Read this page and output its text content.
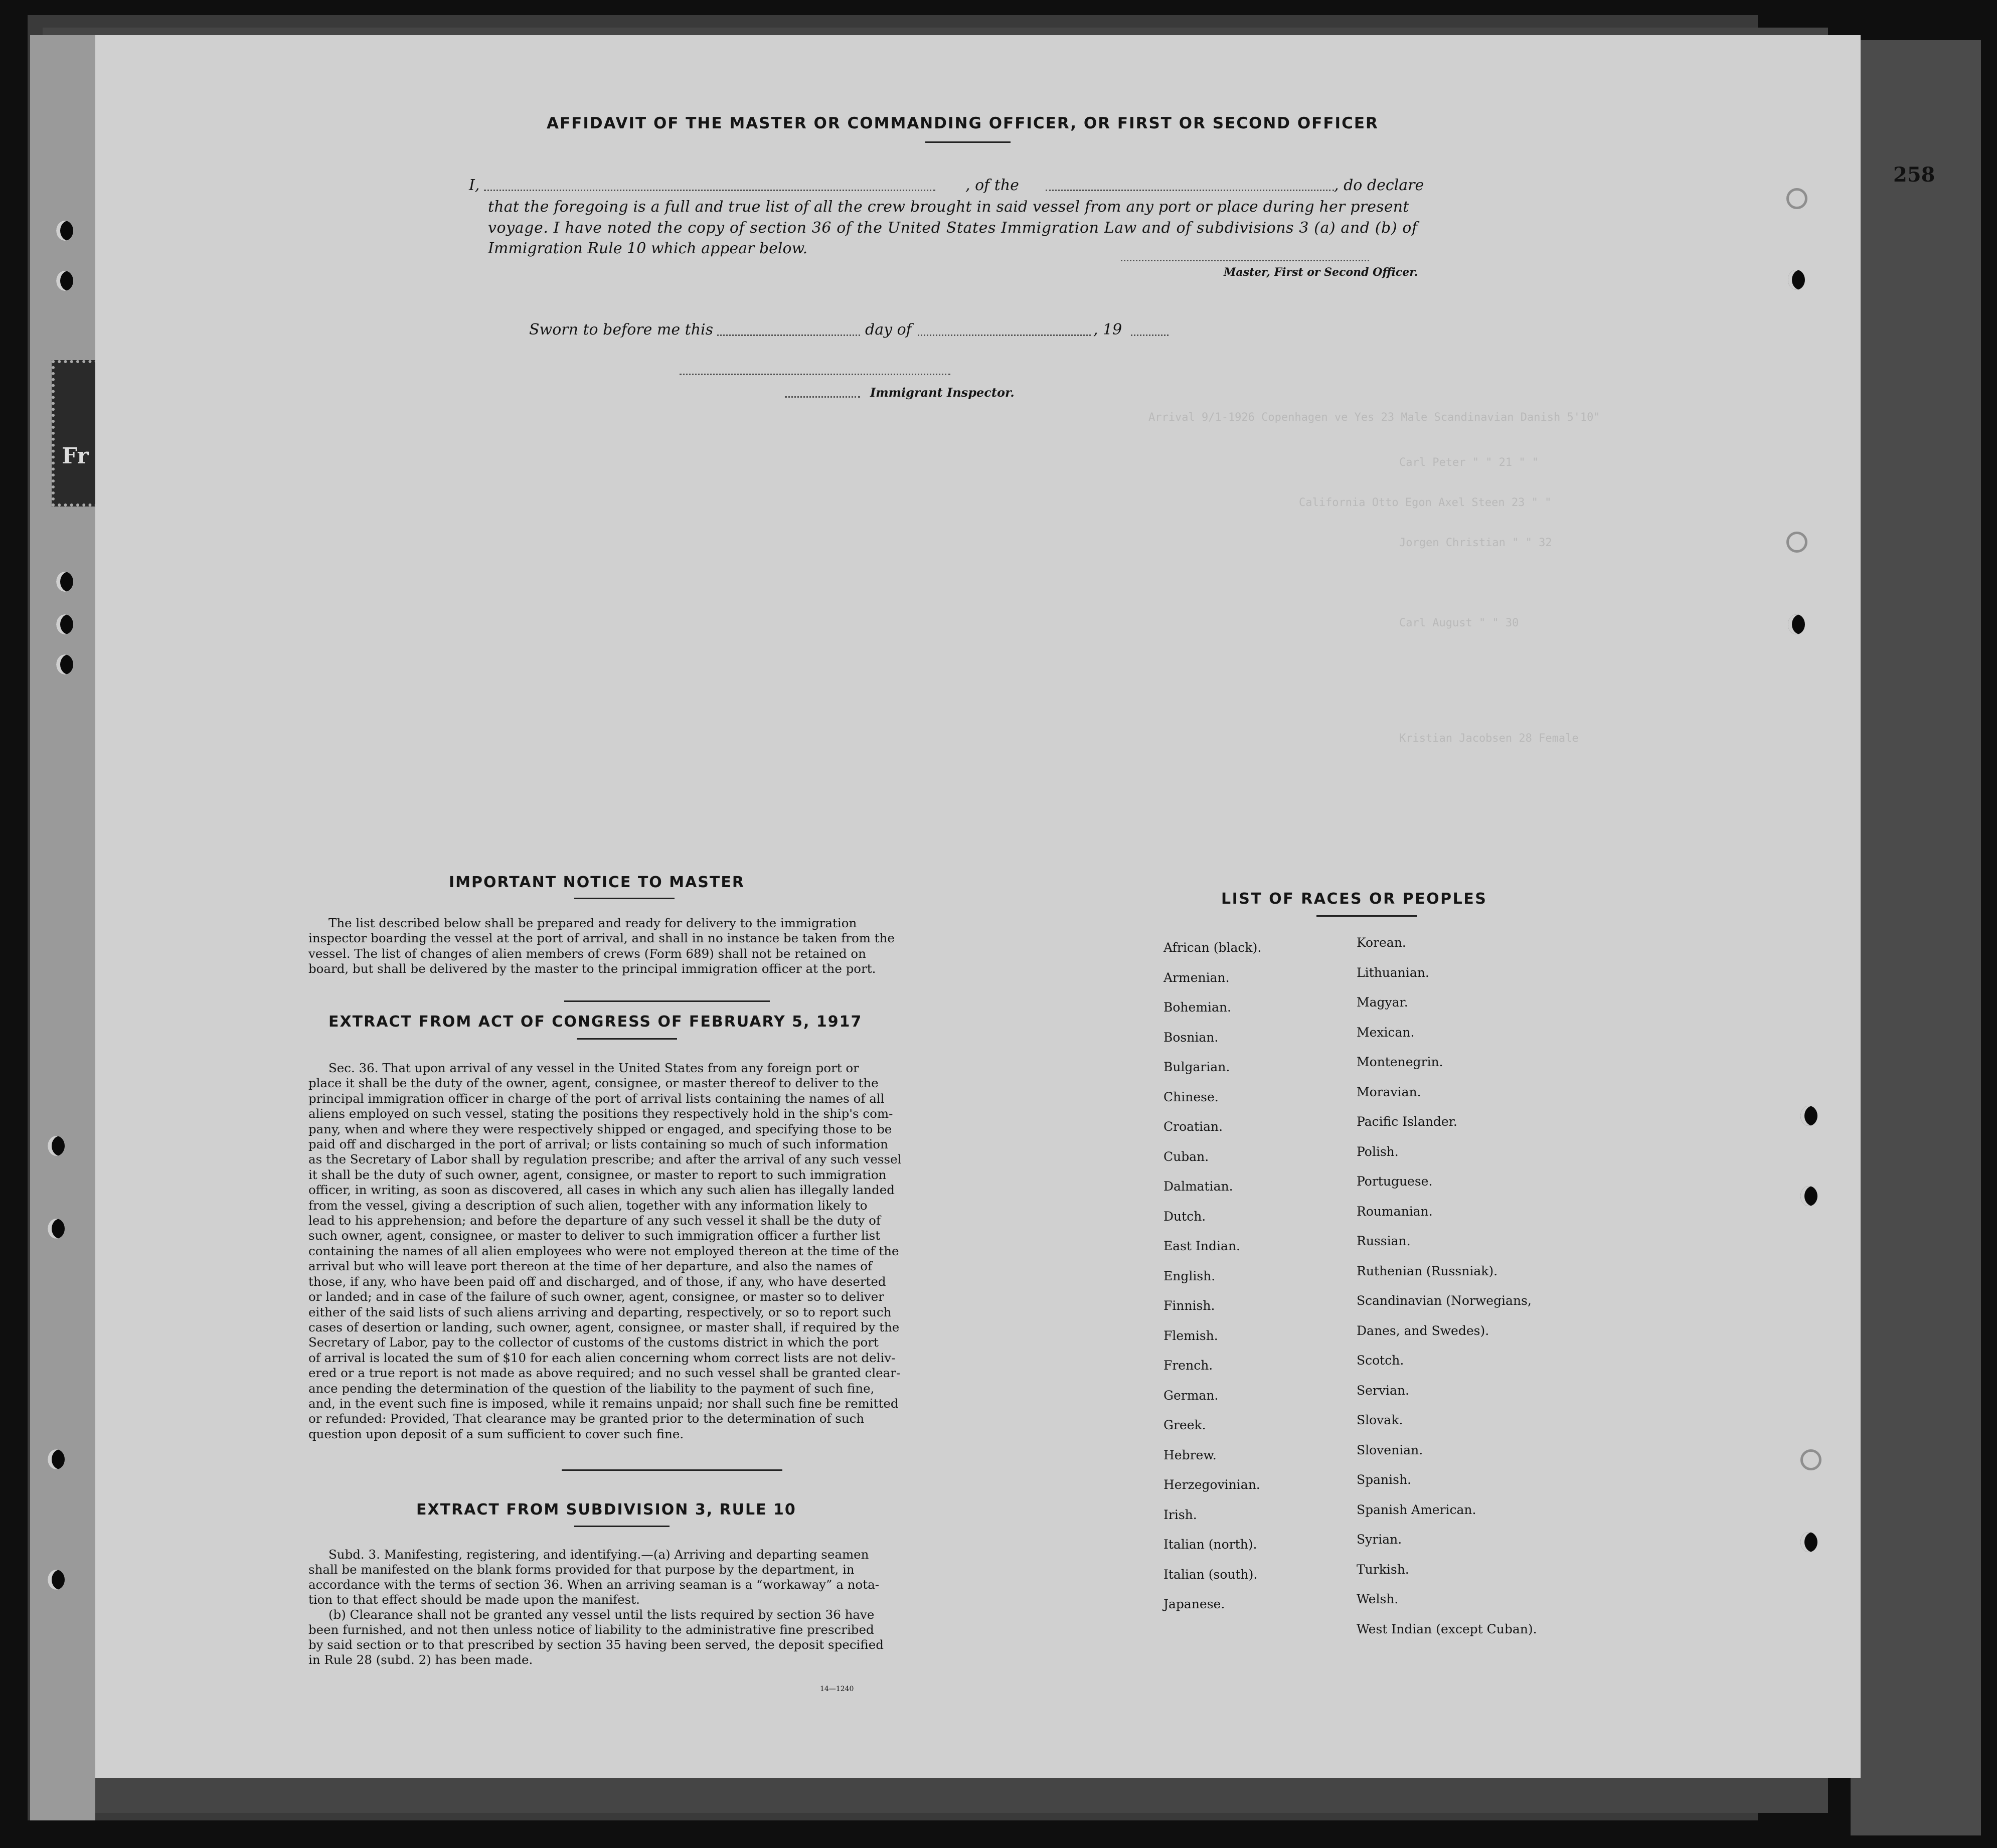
Fr
Arrival 9/1-1926 Copenhagen ve Yes 23 Male Scandinavian Danish 5'10"
Carl Peter " " 21 " "
California Otto Egon Axel Steen 23 " "
Jorgen Christian " " 32
Carl August " " 30
Kristian Jacobsen 28 Female
258
AFFIDAVIT OF THE MASTER OR COMMANDING OFFICER, OR FIRST OR SECOND OFFICER
I,	, of the	, do declare
that the foregoing is a full and true list of all the crew brought in said vessel from any port or place during her present
voyage. I have noted the copy of section 36 of the United States Immigration Law and of subdivisions 3 (a) and (b) of
Immigration Rule 10 which appear below.
Master, First or Second Officer.
Sworn to before me this	day of	, 19
Immigrant Inspector.
IMPORTANT NOTICE TO MASTER
The list described below shall be prepared and ready for delivery to the immigration
inspector boarding the vessel at the port of arrival, and shall in no instance be taken from the
vessel. The list of changes of alien members of crews (Form 689) shall not be retained on
board, but shall be delivered by the master to the principal immigration officer at the port.
EXTRACT FROM ACT OF CONGRESS OF FEBRUARY 5, 1917
Sec. 36. That upon arrival of any vessel in the United States from any foreign port or
place it shall be the duty of the owner, agent, consignee, or master thereof to deliver to the
principal immigration officer in charge of the port of arrival lists containing the names of all
aliens employed on such vessel, stating the positions they respectively hold in the ship's com-
pany, when and where they were respectively shipped or engaged, and specifying those to be
paid off and discharged in the port of arrival; or lists containing so much of such information
as the Secretary of Labor shall by regulation prescribe; and after the arrival of any such vessel
it shall be the duty of such owner, agent, consignee, or master to report to such immigration
officer, in writing, as soon as discovered, all cases in which any such alien has illegally landed
from the vessel, giving a description of such alien, together with any information likely to
lead to his apprehension; and before the departure of any such vessel it shall be the duty of
such owner, agent, consignee, or master to deliver to such immigration officer a further list
containing the names of all alien employees who were not employed thereon at the time of the
arrival but who will leave port thereon at the time of her departure, and also the names of
those, if any, who have been paid off and discharged, and of those, if any, who have deserted
or landed; and in case of the failure of such owner, agent, consignee, or master so to deliver
either of the said lists of such aliens arriving and departing, respectively, or so to report such
cases of desertion or landing, such owner, agent, consignee, or master shall, if required by the
Secretary of Labor, pay to the collector of customs of the customs district in which the port
of arrival is located the sum of $10 for each alien concerning whom correct lists are not deliv-
ered or a true report is not made as above required; and no such vessel shall be granted clear-
ance pending the determination of the question of the liability to the payment of such fine,
and, in the event such fine is imposed, while it remains unpaid; nor shall such fine be remitted
or refunded: Provided, That clearance may be granted prior to the determination of such
question upon deposit of a sum sufficient to cover such fine.
EXTRACT FROM SUBDIVISION 3, RULE 10
Subd. 3. Manifesting, registering, and identifying.—(a) Arriving and departing seamen
shall be manifested on the blank forms provided for that purpose by the department, in
accordance with the terms of section 36. When an arriving seaman is a “workaway” a nota-
tion to that effect should be made upon the manifest.
(b) Clearance shall not be granted any vessel until the lists required by section 36 have
been furnished, and not then unless notice of liability to the administrative fine prescribed
by said section or to that prescribed by section 35 having been served, the deposit specified
in Rule 28 (subd. 2) has been made.
14—1240
LIST OF RACES OR PEOPLES
African (black).
Armenian.
Bohemian.
Bosnian.
Bulgarian.
Chinese.
Croatian.
Cuban.
Dalmatian.
Dutch.
East Indian.
English.
Finnish.
Flemish.
French.
German.
Greek.
Hebrew.
Herzegovinian.
Irish.
Italian (north).
Italian (south).
Japanese.
Korean.
Lithuanian.
Magyar.
Mexican.
Montenegrin.
Moravian.
Pacific Islander.
Polish.
Portuguese.
Roumanian.
Russian.
Ruthenian (Russniak).
Scandinavian (Norwegians,
Danes, and Swedes).
Scotch.
Servian.
Slovak.
Slovenian.
Spanish.
Spanish American.
Syrian.
Turkish.
Welsh.
West Indian (except Cuban).
